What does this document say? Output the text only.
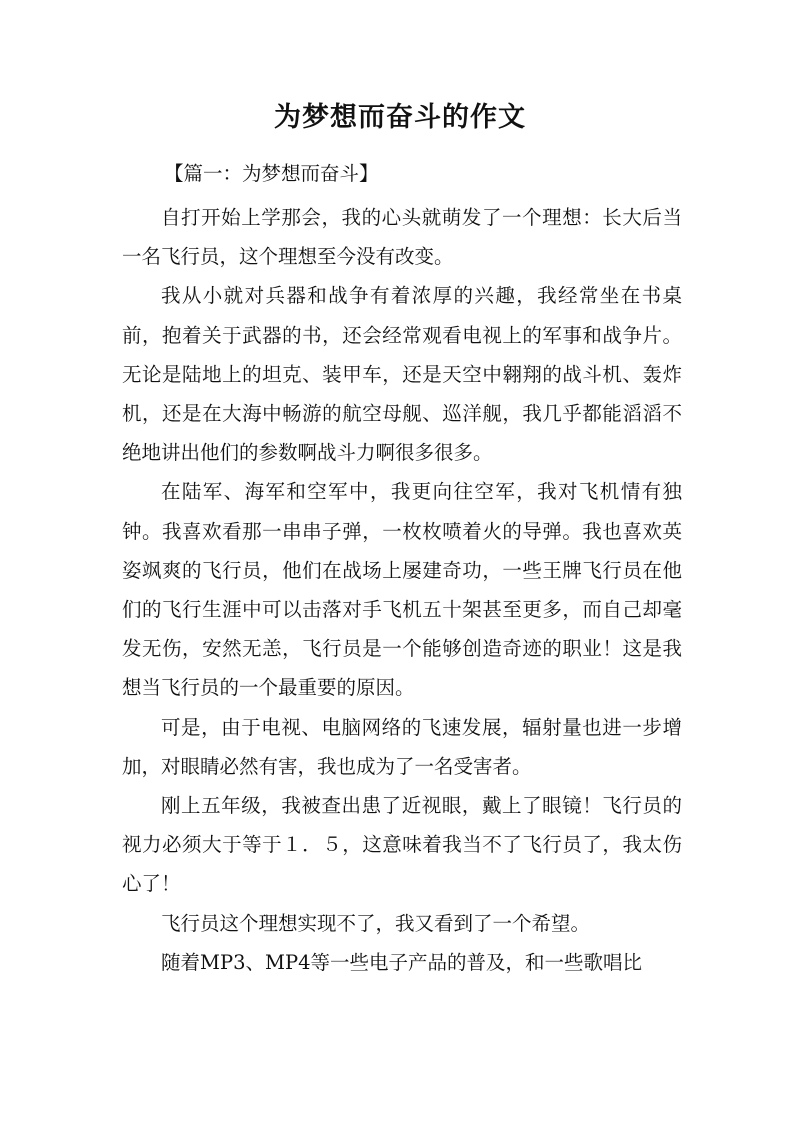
为梦想而奋斗的作文
【篇一：为梦想而奋斗】

自打开始上学那会，我的心头就萌发了一个理想：长大后当一名飞行员，这个理想至今没有改变。

我从小就对兵器和战争有着浓厚的兴趣，我经常坐在书桌前，抱着关于武器的书，还会经常观看电视上的军事和战争片。无论是陆地上的坦克、装甲车，还是天空中翱翔的战斗机、轰炸机，还是在大海中畅游的航空母舰、巡洋舰，我几乎都能滔滔不绝地讲出他们的参数啊战斗力啊很多很多。

在陆军、海军和空军中，我更向往空军，我对飞机情有独钟。我喜欢看那一串串子弹，一枚枚喷着火的导弹。我也喜欢英姿飒爽的飞行员，他们在战场上屡建奇功，一些王牌飞行员在他们的飞行生涯中可以击落对手飞机五十架甚至更多，而自己却毫发无伤，安然无恙，飞行员是一个能够创造奇迹的职业！这是我想当飞行员的一个最重要的原因。

可是，由于电视、电脑网络的飞速发展，辐射量也进一步增加，对眼睛必然有害，我也成为了一名受害者。

刚上五年级，我被查出患了近视眼，戴上了眼镜！飞行员的视力必须大于等于１．５，这意味着我当不了飞行员了，我太伤心了！

飞行员这个理想实现不了，我又看到了一个希望。

随着MP3、MP4等一些电子产品的普及，和一些歌唱比
